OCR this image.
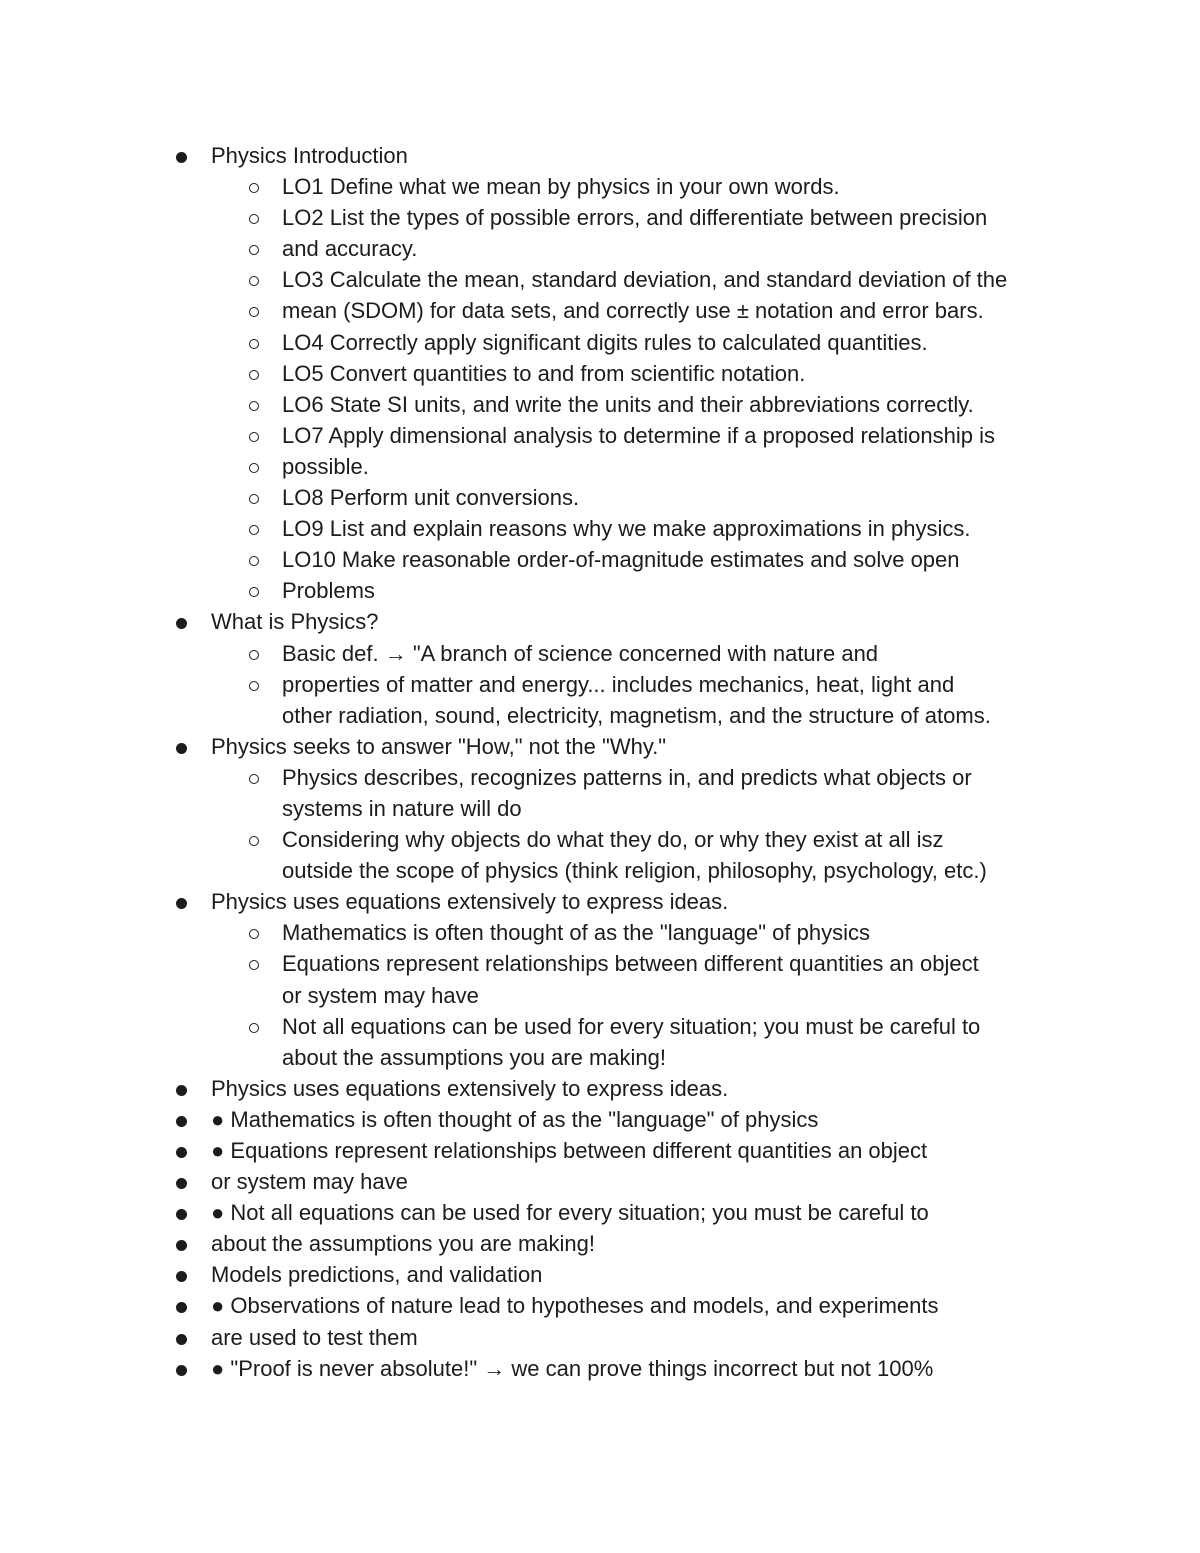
Physics Introduction
LO1 Define what we mean by physics in your own words.
LO2 List the types of possible errors, and differentiate between precision
and accuracy.
LO3 Calculate the mean, standard deviation, and standard deviation of the
mean (SDOM) for data sets, and correctly use ± notation and error bars.
LO4 Correctly apply significant digits rules to calculated quantities.
LO5 Convert quantities to and from scientific notation.
LO6 State SI units, and write the units and their abbreviations correctly.
LO7 Apply dimensional analysis to determine if a proposed relationship is
possible.
LO8 Perform unit conversions.
LO9 List and explain reasons why we make approximations in physics.
LO10 Make reasonable order-of-magnitude estimates and solve open
Problems
What is Physics?
Basic def. → "A branch of science concerned with nature and
properties of matter and energy... includes mechanics, heat, light and
other radiation, sound, electricity, magnetism, and the structure of atoms.
Physics seeks to answer "How," not the "Why."
Physics describes, recognizes patterns in, and predicts what objects or
systems in nature will do
Considering why objects do what they do, or why they exist at all isz
outside the scope of physics (think religion, philosophy, psychology, etc.)
Physics uses equations extensively to express ideas.
Mathematics is often thought of as the "language" of physics
Equations represent relationships between different quantities an object
or system may have
Not all equations can be used for every situation; you must be careful to
about the assumptions you are making!
Physics uses equations extensively to express ideas.
● Mathematics is often thought of as the "language" of physics
● Equations represent relationships between different quantities an object
or system may have
● Not all equations can be used for every situation; you must be careful to
about the assumptions you are making!
Models predictions, and validation
● Observations of nature lead to hypotheses and models, and experiments
are used to test them
● "Proof is never absolute!" → we can prove things incorrect but not 100%
